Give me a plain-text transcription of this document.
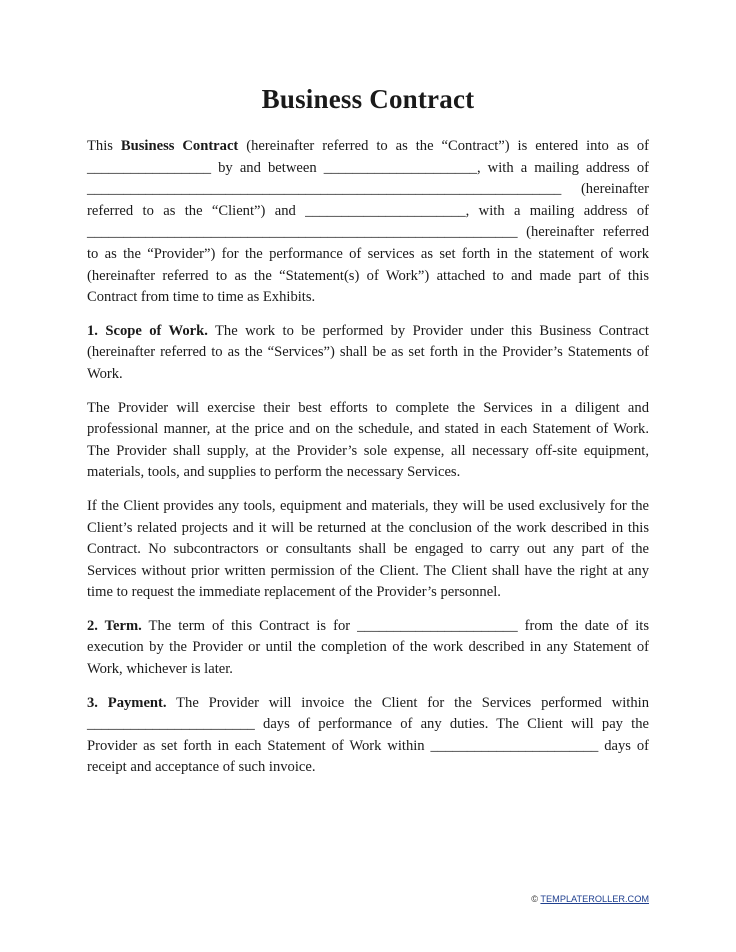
Business Contract

This Business Contract (hereinafter referred to as the “Contract”) is entered into as of _________________ by and between _____________________, with a mailing address of _________________________________________________________________ (hereinafter referred to as the “Client”) and ______________________, with a mailing address of ___________________________________________________________ (hereinafter referred to as the “Provider”) for the performance of services as set forth in the statement of work (hereinafter referred to as the “Statement(s) of Work”) attached to and made part of this Contract from time to time as Exhibits.

1. Scope of Work. The work to be performed by Provider under this Business Contract (hereinafter referred to as the “Services”) shall be as set forth in the Provider’s Statements of Work.

The Provider will exercise their best efforts to complete the Services in a diligent and professional manner, at the price and on the schedule, and stated in each Statement of Work. The Provider shall supply, at the Provider’s sole expense, all necessary off-site equipment, materials, tools, and supplies to perform the necessary Services.

If the Client provides any tools, equipment and materials, they will be used exclusively for the Client’s related projects and it will be returned at the conclusion of the work described in this Contract. No subcontractors or consultants shall be engaged to carry out any part of the Services without prior written permission of the Client. The Client shall have the right at any time to request the immediate replacement of the Provider’s personnel.

2. Term. The term of this Contract is for ______________________ from the date of its execution by the Provider or until the completion of the work described in any Statement of Work, whichever is later.

3. Payment. The Provider will invoice the Client for the Services performed within _______________________ days of performance of any duties. The Client will pay the Provider as set forth in each Statement of Work within _______________________ days of receipt and acceptance of such invoice.

© TEMPLATEROLLER.COM
